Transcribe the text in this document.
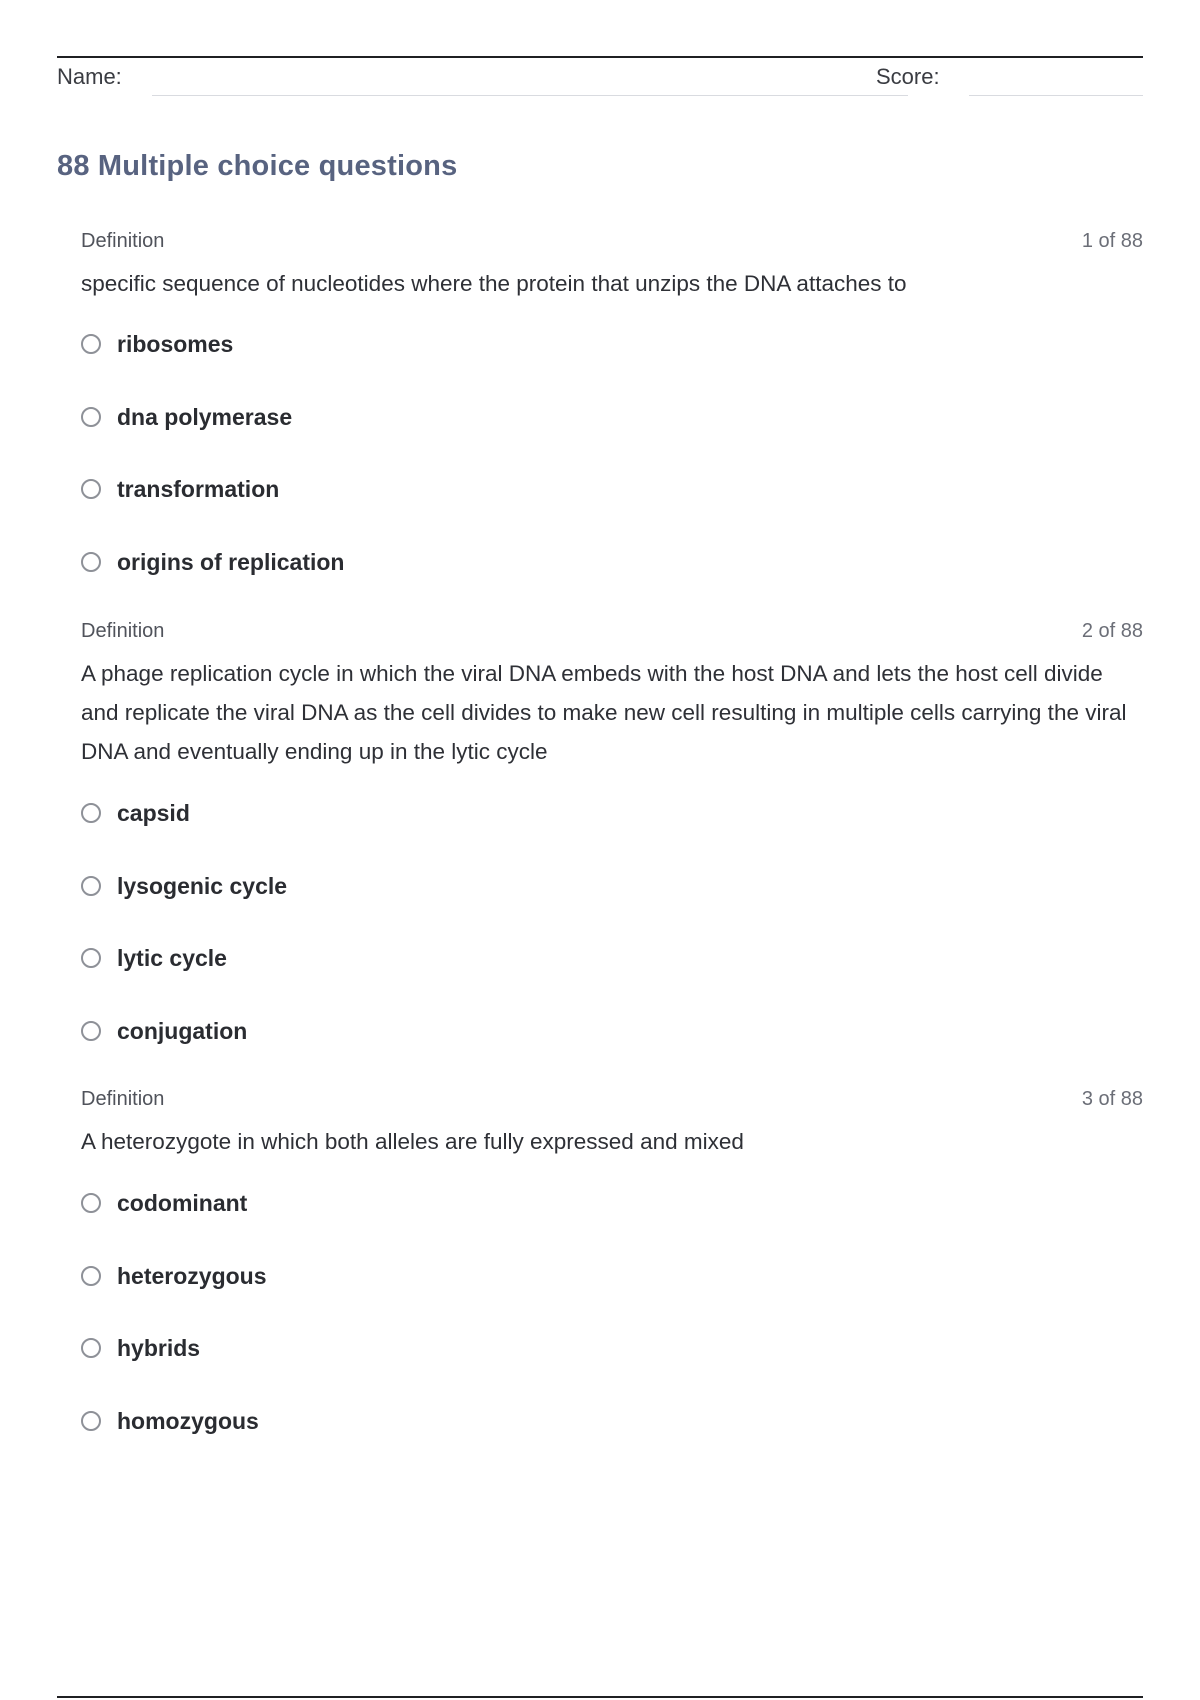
Name:	Score:
88 Multiple choice questions
Definition	1 of 88
specific sequence of nucleotides where the protein that unzips the DNA attaches to
ribosomes
dna polymerase
transformation
origins of replication
Definition	2 of 88
A phage replication cycle in which the viral DNA embeds with the host DNA and lets the host cell divide and replicate the viral DNA as the cell divides to make new cell resulting in multiple cells carrying the viral DNA and eventually ending up in the lytic cycle
capsid
lysogenic cycle
lytic cycle
conjugation
Definition	3 of 88
A heterozygote in which both alleles are fully expressed and mixed
codominant
heterozygous
hybrids
homozygous
